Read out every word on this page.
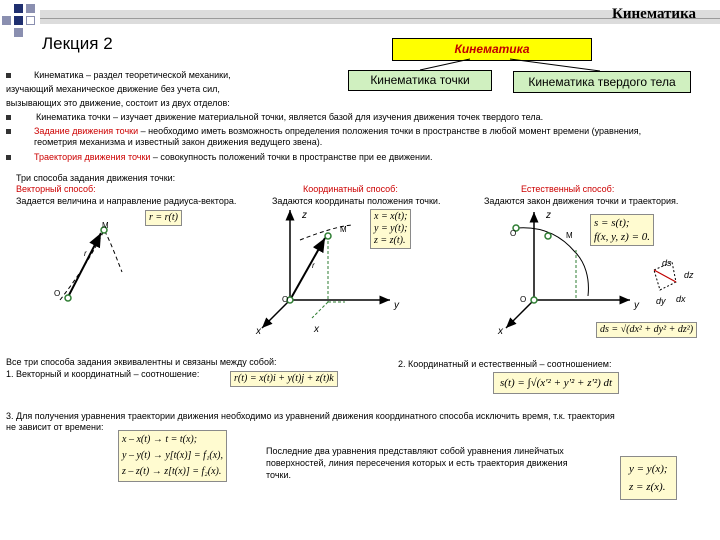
Кинематика
Лекция 2	Кинематика
Кинематика точки	Кинематика твердого тела
Кинематика – раздел теоретической механики,
изучающий механическое движение без учета сил,
вызывающих это движение, состоит из двух отделов:
Кинематика точки – изучает движение материальной точки, является базой для изучения движения точек твердого тела.
Задание движения точки – необходимо иметь возможность определения положения точки в пространстве в любой момент времени (уравнения,
геометрия механизма и известный закон движения ведущего звена).
Траектория движения точки – совокупность положений точки в пространстве при ее движении.
Три способа задания движения точки:
Векторный способ:
Задается величина и направление радиуса-вектора.
Координатный способ:
Задаются координаты положения точки.
Естественный способ:
Задаются закон движения точки и траектория.
r = r(t)	x = x(t);
y = y(t);
z = z(t).
s = s(t);
f(x, y, z) = 0.
ds = √(dx² + dy² + dz²)
M
O
r
M
O
r
z
y
x	x
M
O
O
z
y
x
ds
dz
dx
dy
Все три способа задания эквивалентны и связаны между собой:
1. Векторный и координатный – соотношение:	r(t) = x(t)i + y(t)j + z(t)k
2. Координатный и естественный – соотношением:
s(t) = ∫√(x'² + y'² + z'²) dt
3. Для получения уравнения траектории движения необходимо из уравнений движения координатного способа исключить время, т.к. траектория
не зависит от времени:
x – x(t) → t = t(x);
y – y(t) → y[t(x)] = f₁(x),
z – z(t) → z[t(x)] = f₂(x).
Последние два уравнения представляют собой уравнения линейчатых
поверхностей, линия пересечения которых и есть траектория движения
точки.	y = y(x);
z = z(x).
